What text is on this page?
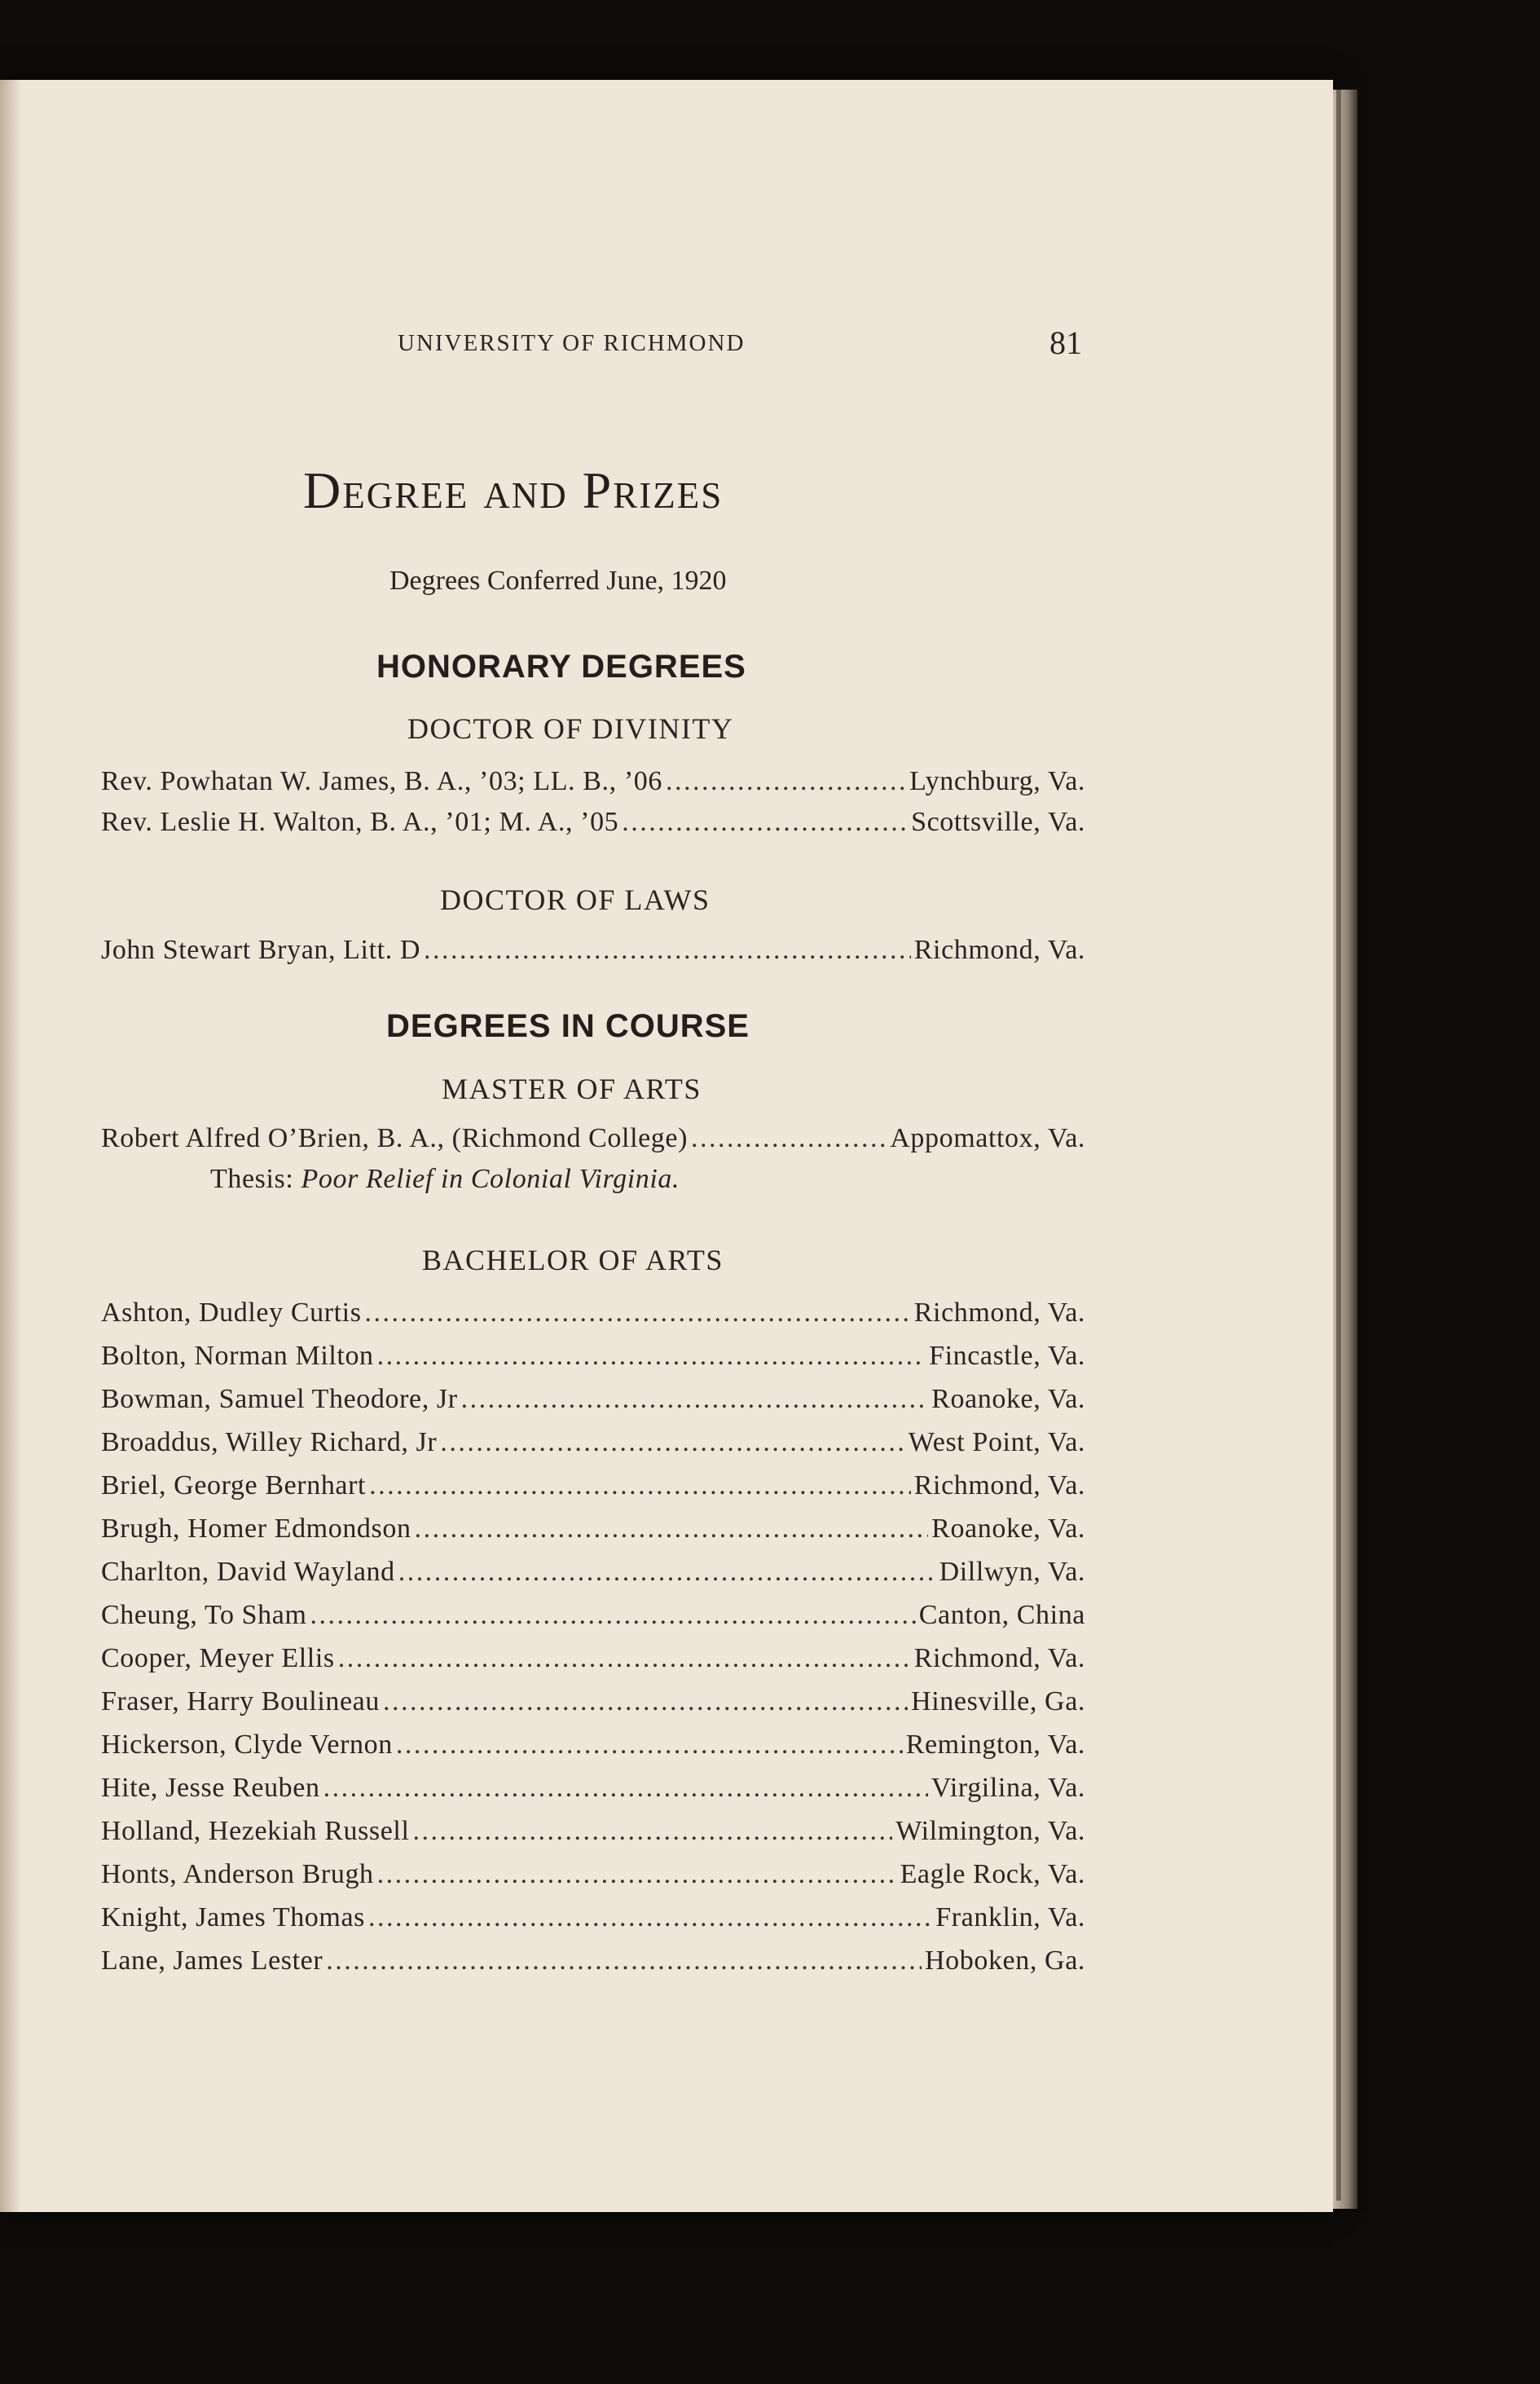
UNIVERSITY OF RICHMOND	81
Degree and Prizes
Degrees Conferred June, 1920
HONORARY DEGREES
DOCTOR OF DIVINITY
Rev. Powhatan W. James, B. A., ’03; LL. B., ’06 . . .	Lynchburg, Va.
Rev. Leslie H. Walton, B. A., ’01; M. A., ’05 . . .	Scottsville, Va.
DOCTOR OF LAWS
John Stewart Bryan, Litt. D . . .	Richmond, Va.
DEGREES IN COURSE
MASTER OF ARTS
Robert Alfred O’Brien, B. A., (Richmond College) . . .	Appomattox, Va.
Thesis: Poor Relief in Colonial Virginia.
BACHELOR OF ARTS
Ashton, Dudley Curtis . . .	Richmond, Va.
Bolton, Norman Milton . . .	Fincastle, Va.
Bowman, Samuel Theodore, Jr . . .	Roanoke, Va.
Broaddus, Willey Richard, Jr . . .	West Point, Va.
Briel, George Bernhart . . .	Richmond, Va.
Brugh, Homer Edmondson . . .	Roanoke, Va.
Charlton, David Wayland . . .	Dillwyn, Va.
Cheung, To Sham . . .	Canton, China
Cooper, Meyer Ellis . . .	Richmond, Va.
Fraser, Harry Boulineau . . .	Hinesville, Ga.
Hickerson, Clyde Vernon . . .	Remington, Va.
Hite, Jesse Reuben . . .	Virgilina, Va.
Holland, Hezekiah Russell . . .	Wilmington, Va.
Honts, Anderson Brugh . . .	Eagle Rock, Va.
Knight, James Thomas . . .	Franklin, Va.
Lane, James Lester . . .	Hoboken, Ga.
